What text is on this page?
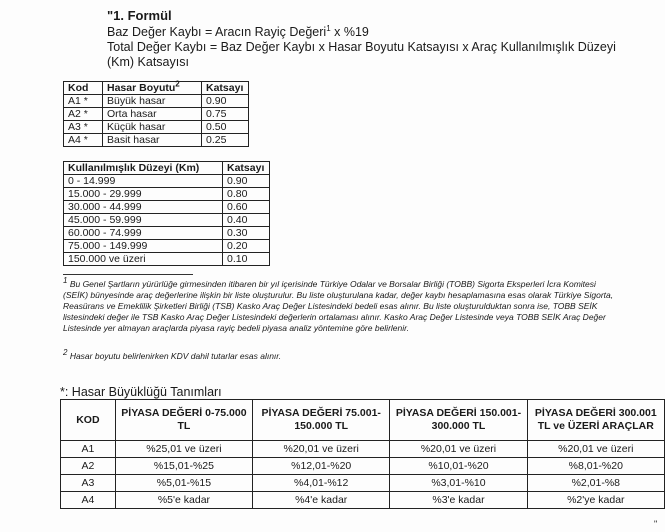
"1. Formül
Baz Değer Kaybı = Aracın Rayiç Değeri$^1$ x %19
Total Değer Kaybı = Baz Değer Kaybı x Hasar Boyutu Katsayısı x Araç Kullanılmışlık Düzeyi
(Km) Katsayısı
Kod	Hasar Boyutu$^2$	Katsayı
A1 *	Büyük hasar	0.90
A2 *	Orta hasar	0.75
A3 *	Küçük hasar	0.50
A4 *	Basit hasar	0.25
Kullanılmışlık Düzeyi (Km)	Katsayı
0 - 14.999	0.90
15.000 - 29.999	0.80
30.000 - 44.999	0.60
45.000 - 59.999	0.40
60.000 - 74.999	0.30
75.000 - 149.999	0.20
150.000 ve üzeri	0.10
$^1$ Bu Genel Şartların yürürlüğe girmesinden itibaren bir yıl içerisinde Türkiye Odalar ve Borsalar Birliği (TOBB) Sigorta Eksperleri İcra Komitesi (SEİK) bünyesinde araç değerlerine ilişkin bir liste oluşturulur. Bu liste oluşturulana kadar, değer kaybı hesaplamasına esas olarak Türkiye Sigorta, Reasürans ve Emeklilik Şirketleri Birliği (TSB) Kasko Araç Değer Listesindeki bedeli esas alınır. Bu liste oluşturulduktan sonra ise, TOBB SEİK listesindeki değer ile TSB Kasko Araç Değer Listesindeki değerlerin ortalaması alınır. Kasko Araç Değer Listesinde veya TOBB SEİK Araç Değer Listesinde yer almayan araçlarda piyasa rayiç bedeli piyasa analiz yöntemine göre belirlenir.
$^2$ Hasar boyutu belirlenirken KDV dahil tutarlar esas alınır.
*: Hasar Büyüklüğü Tanımları
KOD	PİYASA DEĞERİ 0-75.000 TL	PİYASA DEĞERİ 75.001-150.000 TL	PİYASA DEĞERİ 150.001-300.000 TL	PİYASA DEĞERİ 300.001 TL ve ÜZERİ ARAÇLAR
A1	%25,01 ve üzeri	%20,01 ve üzeri	%20,01 ve üzeri	%20,01 ve üzeri
A2	%15,01-%25	%12,01-%20	%10,01-%20	%8,01-%20
A3	%5,01-%15	%4,01-%12	%3,01-%10	%2,01-%8
A4	%5'e kadar	%4'e kadar	%3'e kadar	%2'ye kadar
"
